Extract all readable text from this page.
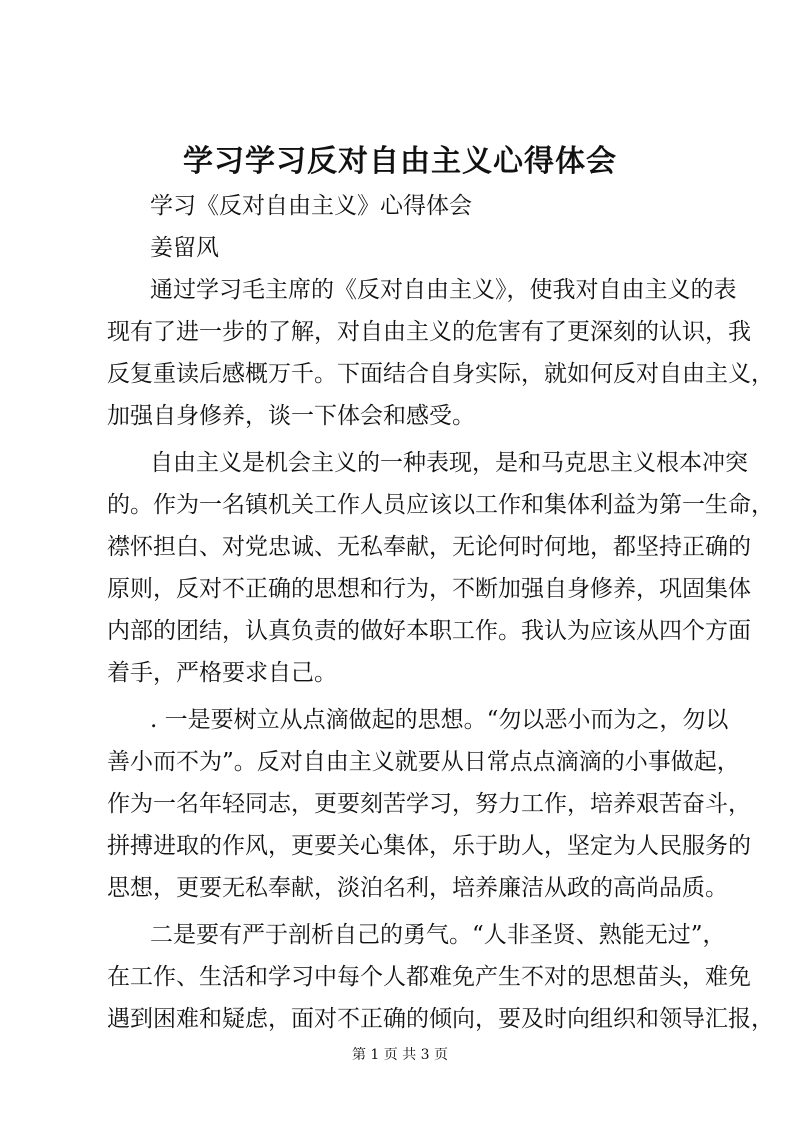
学习学习反对自由主义心得体会
学习《反对自由主义》心得体会
姜留风
通过学习毛主席的《反对自由主义》，使我对自由主义的表
现有了进一步的了解，对自由主义的危害有了更深刻的认识，我
反复重读后感概万千。下面结合自身实际，就如何反对自由主义，
加强自身修养，谈一下体会和感受。
自由主义是机会主义的一种表现，是和马克思主义根本冲突
的。作为一名镇机关工作人员应该以工作和集体利益为第一生命，
襟怀担白、对党忠诚、无私奉献，无论何时何地，都坚持正确的
原则，反对不正确的思想和行为，不断加强自身修养，巩固集体
内部的团结，认真负责的做好本职工作。我认为应该从四个方面
着手，严格要求自己。
. 一是要树立从点滴做起的思想。“勿以恶小而为之，勿以
善小而不为”。反对自由主义就要从日常点点滴滴的小事做起，
作为一名年轻同志，更要刻苦学习，努力工作，培养艰苦奋斗，
拼搏进取的作风，更要关心集体，乐于助人，坚定为人民服务的
思想，更要无私奉献，淡泊名利，培养廉洁从政的高尚品质。
二是要有严于剖析自己的勇气。“人非圣贤、熟能无过”，
在工作、生活和学习中每个人都难免产生不对的思想苗头，难免
遇到困难和疑虑，面对不正确的倾向，要及时向组织和领导汇报，
第 1 页 共 3 页
